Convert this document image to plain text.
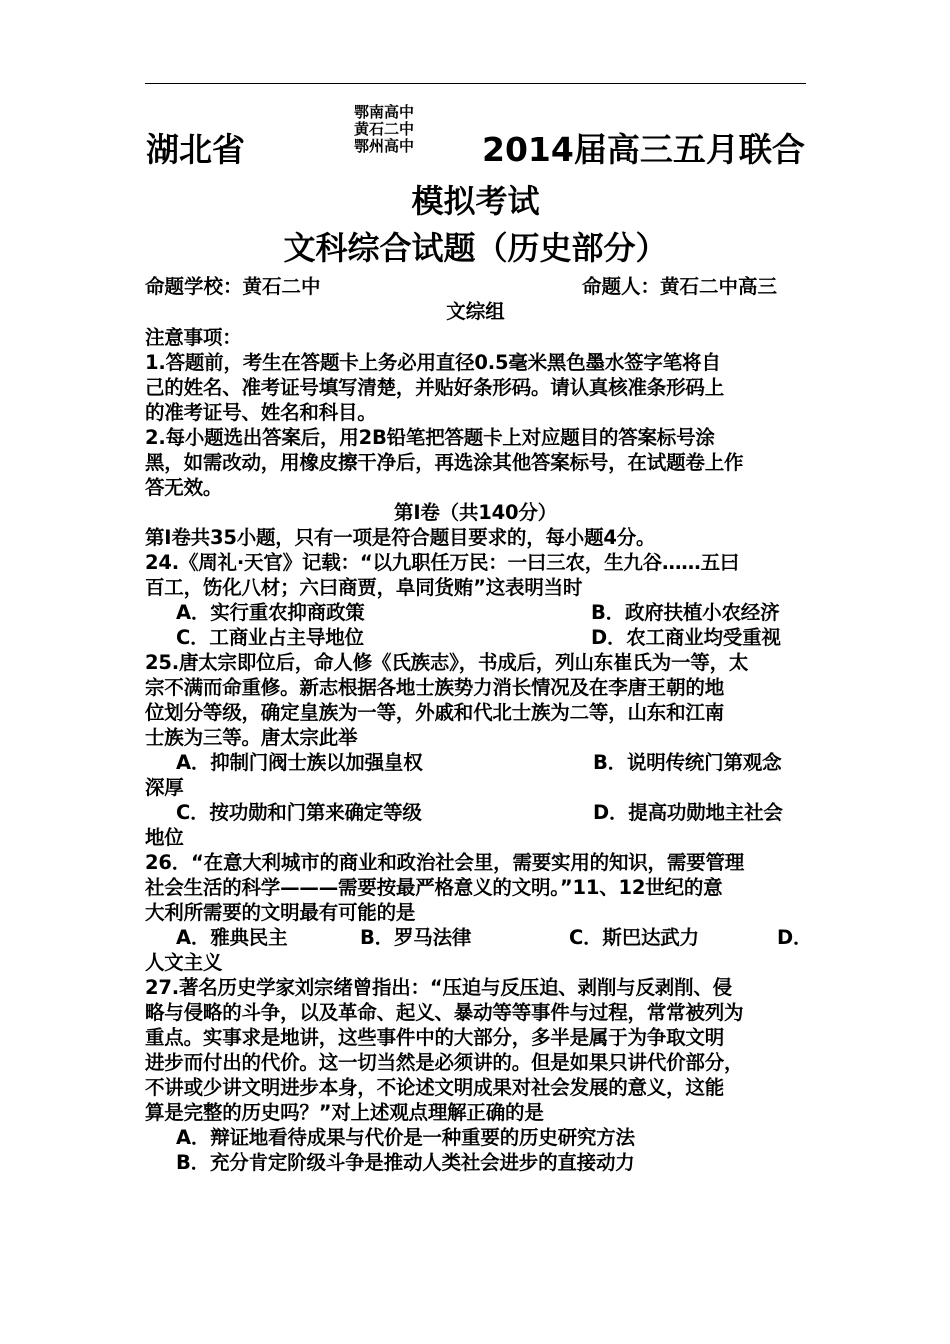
湖北省
鄂南高中
黄石二中
鄂州高中 2014届高三五月联合
模拟考试
文科综合试题（历史部分）
命题学校：黄石二中	命题人：黄石二中高三
文综组
注意事项：
1.答题前，考生在答题卡上务必用直径0.5毫米黑色墨水签字笔将自
己的姓名、准考证号填写清楚，并贴好条形码。请认真核准条形码上
的准考证号、姓名和科目。
2.每小题选出答案后，用2B铅笔把答题卡上对应题目的答案标号涂
黑，如需改动，用橡皮擦干净后，再选涂其他答案标号，在试题卷上作
答无效。
第Ⅰ卷（共140分）
第Ⅰ卷共35小题，只有一项是符合题目要求的，每小题4分。
24.《周礼·天官》记载：“以九职任万民：一曰三农，生九谷……五曰
百工，饬化八材；六曰商贾，阜同货贿”这表明当时
A．实行重农抑商政策	B．政府扶植小农经济
C．工商业占主导地位	D．农工商业均受重视
25.唐太宗即位后，命人修《氏族志》，书成后，列山东崔氏为一等，太
宗不满而命重修。新志根据各地士族势力消长情况及在李唐王朝的地
位划分等级，确定皇族为一等，外戚和代北士族为二等，山东和江南
士族为三等。唐太宗此举
A．抑制门阀士族以加强皇权	B．说明传统门第观念
深厚
C．按功勋和门第来确定等级	D．提高功勋地主社会
地位
26．“在意大利城市的商业和政治社会里，需要实用的知识，需要管理
社会生活的科学———需要按最严格意义的文明。”11、12世纪的意
大利所需要的文明最有可能的是
A．雅典民主	B．罗马法律	C．斯巴达武力	D．
人文主义
27.著名历史学家刘宗绪曾指出：“压迫与反压迫、剥削与反剥削、侵
略与侵略的斗争，以及革命、起义、暴动等等事件与过程，常常被列为
重点。实事求是地讲，这些事件中的大部分，多半是属于为争取文明
进步而付出的代价。这一切当然是必须讲的。但是如果只讲代价部分，
不讲或少讲文明进步本身，不论述文明成果对社会发展的意义，这能
算是完整的历史吗？”对上述观点理解正确的是
A．辩证地看待成果与代价是一种重要的历史研究方法
B．充分肯定阶级斗争是推动人类社会进步的直接动力
